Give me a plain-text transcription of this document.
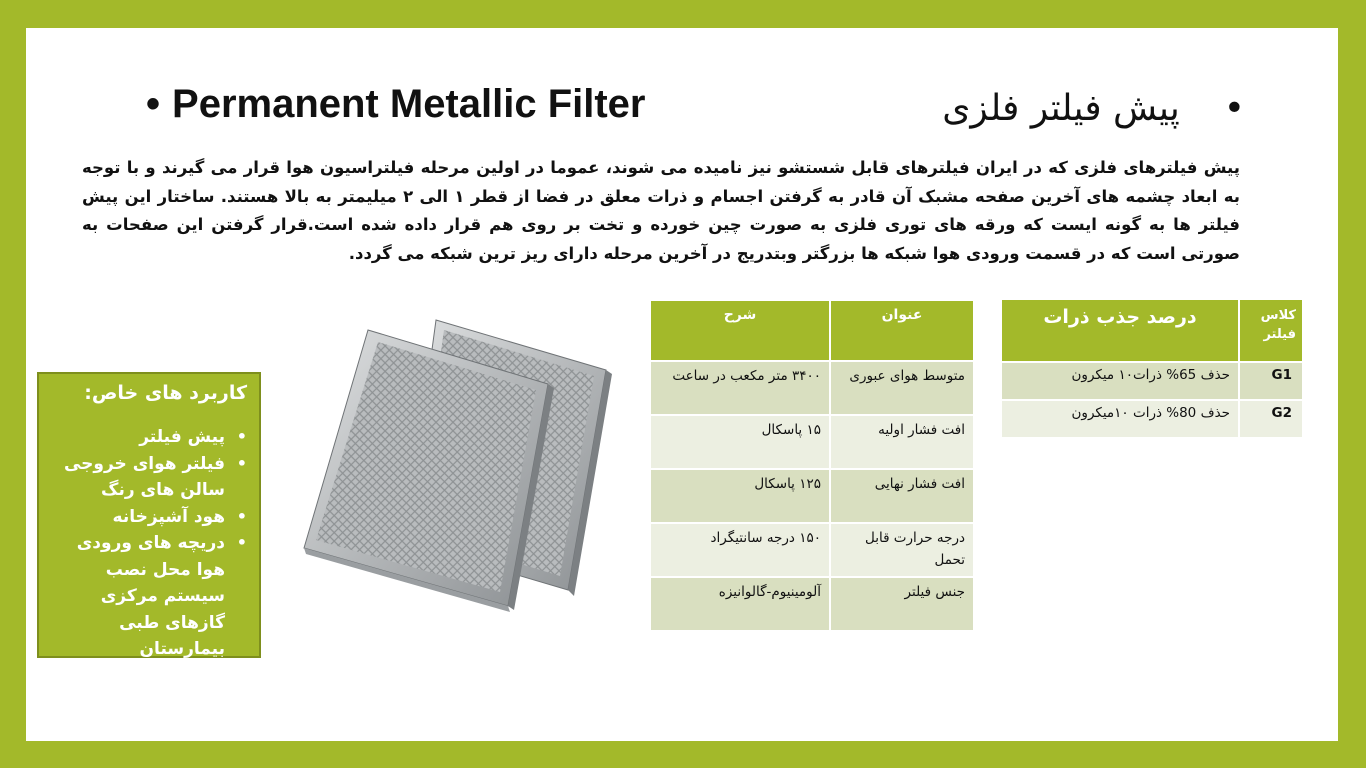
• Permanent Metallic Filter	•پیش فیلتر فلزی
پیش فیلترهای فلزی که در ایران فیلترهای قابل شستشو نیز نامیده می شوند، عموما در اولین مرحله فیلتراسیون هوا قرار می گیرند و با توجه به ابعاد چشمه های آخرین صفحه مشبک آن قادر به گرفتن اجسام و ذرات معلق در فضا از قطر ۱ الی ۲ میلیمتر به بالا هستند. ساختار این پیش فیلتر ها به گونه ایست که ورقه های توری فلزی به صورت چین خورده و تخت بر روی هم قرار داده شده است.قرار گرفتن این صفحات به صورتی است که در قسمت ورودی هوا شبکه ها بزرگتر وبتدریج در آخرین مرحله دارای ریز ترین شبکه می گردد.
کاربرد های خاص:
• پیش فیلتر
• فیلتر هوای خروجی سالن های رنگ
• هود آشپزخانه
• دریچه های ورودی هوا محل نصب سیستم مرکزی گازهای طبی بیمارستان
عنوان	شرح
متوسط هوای عبوری	۳۴۰۰ متر مکعب در ساعت
افت فشار اولیه	۱۵ پاسکال
افت فشار نهایی	۱۲۵ پاسکال
درجه حرارت قابل تحمل	۱۵۰ درجه سانتیگراد
جنس فیلتر	آلومینیوم-گالوانیزه
کلاس فیلتر	درصد جذب ذرات
G1	حذف 65% ذرات۱۰ میکرون
G2	حذف 80% ذرات ۱۰میکرون
